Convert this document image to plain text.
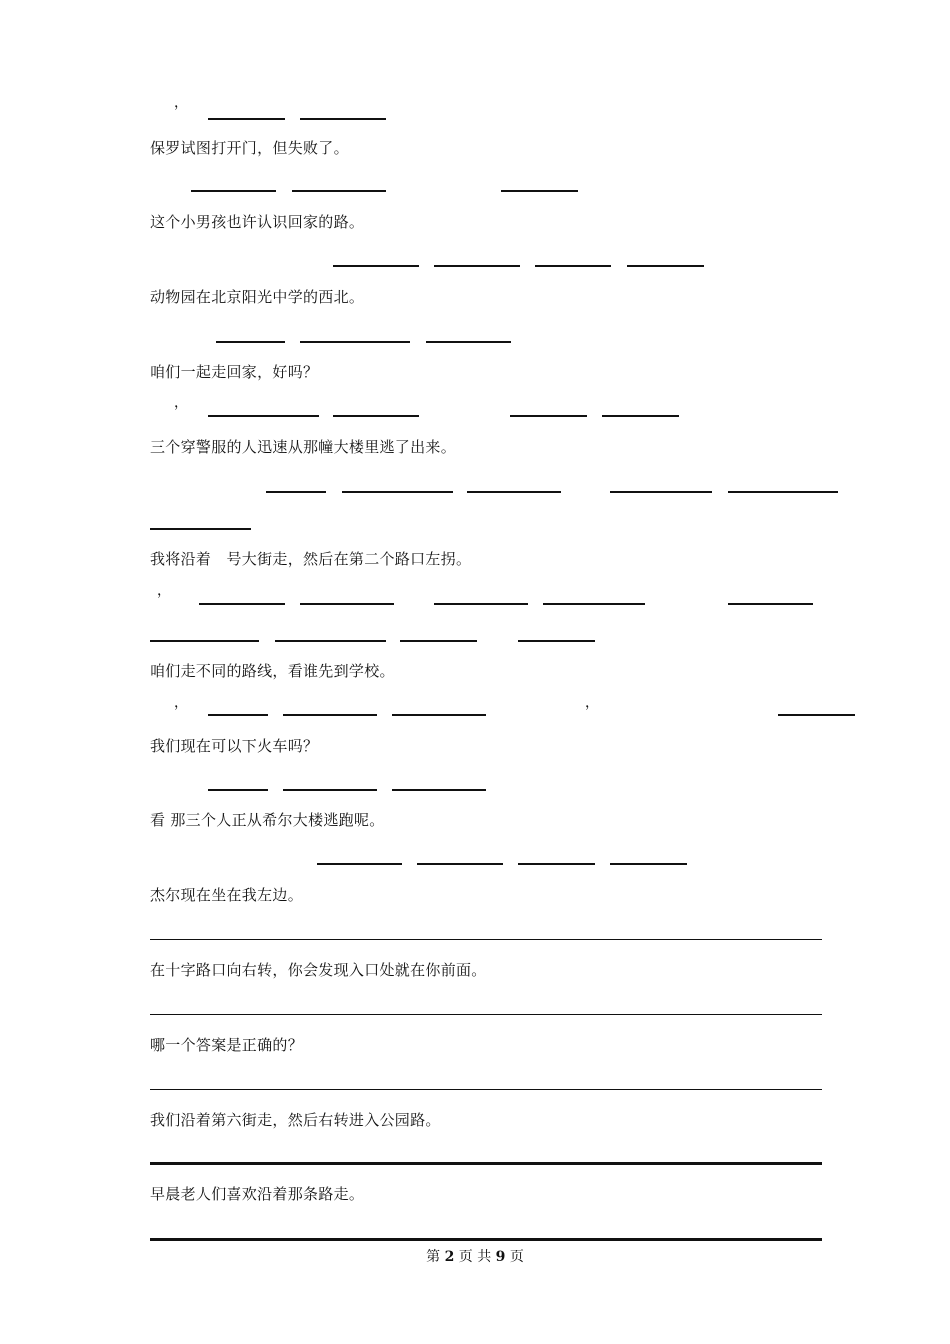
，
保罗试图打开门，但失败了。
这个小男孩也许认识回家的路。
动物园在北京阳光中学的西北。
咱们一起走回家，好吗？
，
三个穿警服的人迅速从那幢大楼里逃了出来。
我将沿着　号大街走，然后在第二个路口左拐。
，
咱们走不同的路线，看谁先到学校。
，	，
我们现在可以下火车吗？
看 那三个人正从希尔大楼逃跑呢。
杰尔现在坐在我左边。
在十字路口向右转，你会发现入口处就在你前面。
哪一个答案是正确的？
我们沿着第六街走，然后右转进入公园路。
早晨老人们喜欢沿着那条路走。
第 2 页 共 9 页
